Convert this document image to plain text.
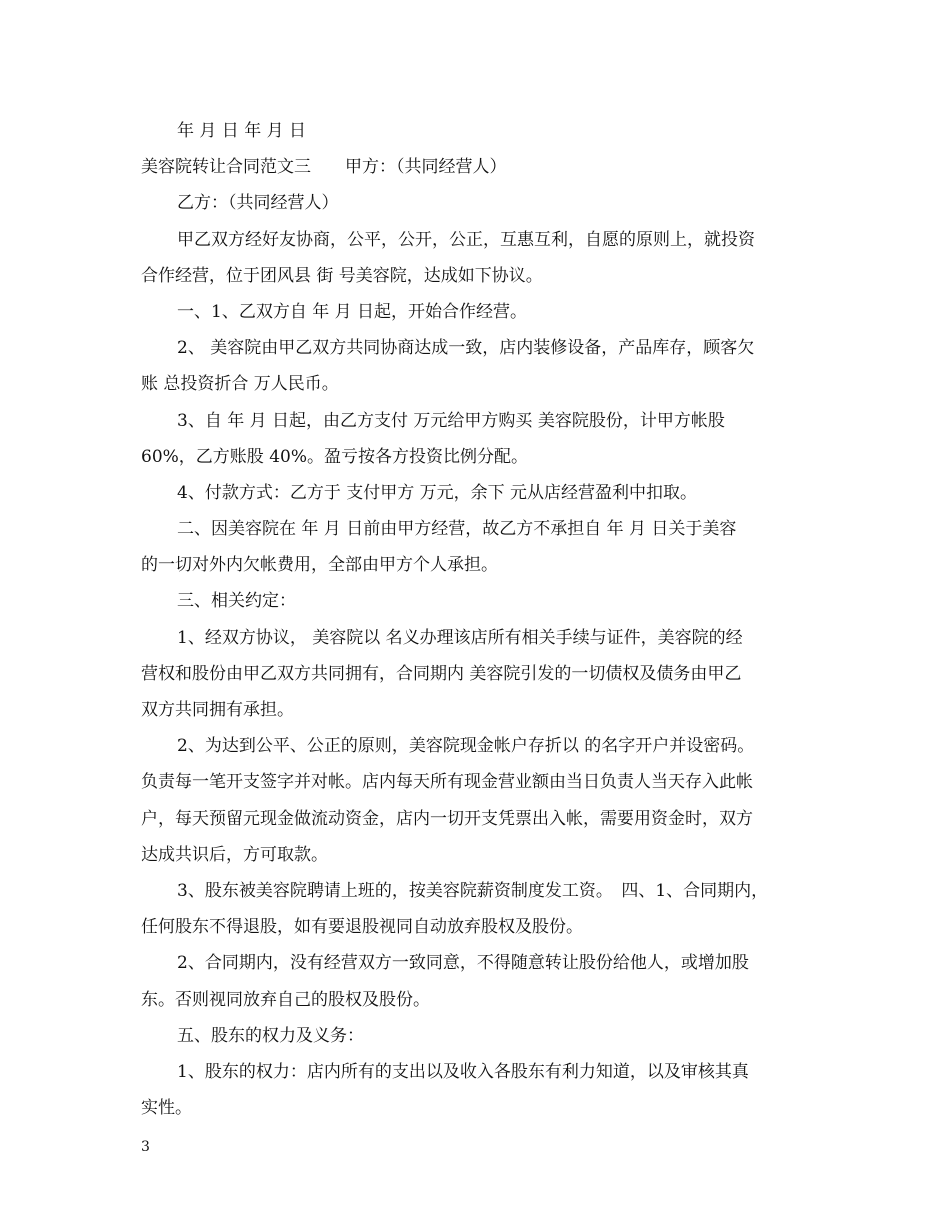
年 月 日 年 月 日
美容院转让合同范文三　　甲方：（共同经营人）
乙方：（共同经营人）
甲乙双方经好友协商，公平，公开，公正，互惠互利，自愿的原则上，就投资
合作经营，位于团风县 街 号美容院，达成如下协议。
一、1、乙双方自 年 月 日起，开始合作经营。
2、 美容院由甲乙双方共同协商达成一致，店内装修设备，产品库存，顾客欠
账 总投资折合 万人民币。
3、自 年 月 日起，由乙方支付 万元给甲方购买 美容院股份，计甲方帐股
60%，乙方账股 40%。盈亏按各方投资比例分配。
4、付款方式：乙方于 支付甲方 万元，余下 元从店经营盈利中扣取。
二、因美容院在 年 月 日前由甲方经营，故乙方不承担自 年 月 日关于美容
的一切对外内欠帐费用，全部由甲方个人承担。
三、相关约定：
1、经双方协议， 美容院以 名义办理该店所有相关手续与证件，美容院的经
营权和股份由甲乙双方共同拥有，合同期内 美容院引发的一切债权及债务由甲乙
双方共同拥有承担。
2、为达到公平、公正的原则，美容院现金帐户存折以 的名字开户并设密码。
负责每一笔开支签字并对帐。店内每天所有现金营业额由当日负责人当天存入此帐
户，每天预留元现金做流动资金，店内一切开支凭票出入帐，需要用资金时，双方
达成共识后，方可取款。
3、股东被美容院聘请上班的，按美容院薪资制度发工资。　四、1、合同期内，
任何股东不得退股，如有要退股视同自动放弃股权及股份。
2、合同期内，没有经营双方一致同意，不得随意转让股份给他人，或增加股
东。否则视同放弃自己的股权及股份。
五、股东的权力及义务：
1、股东的权力：店内所有的支出以及收入各股东有利力知道，以及审核其真
实性。
3
